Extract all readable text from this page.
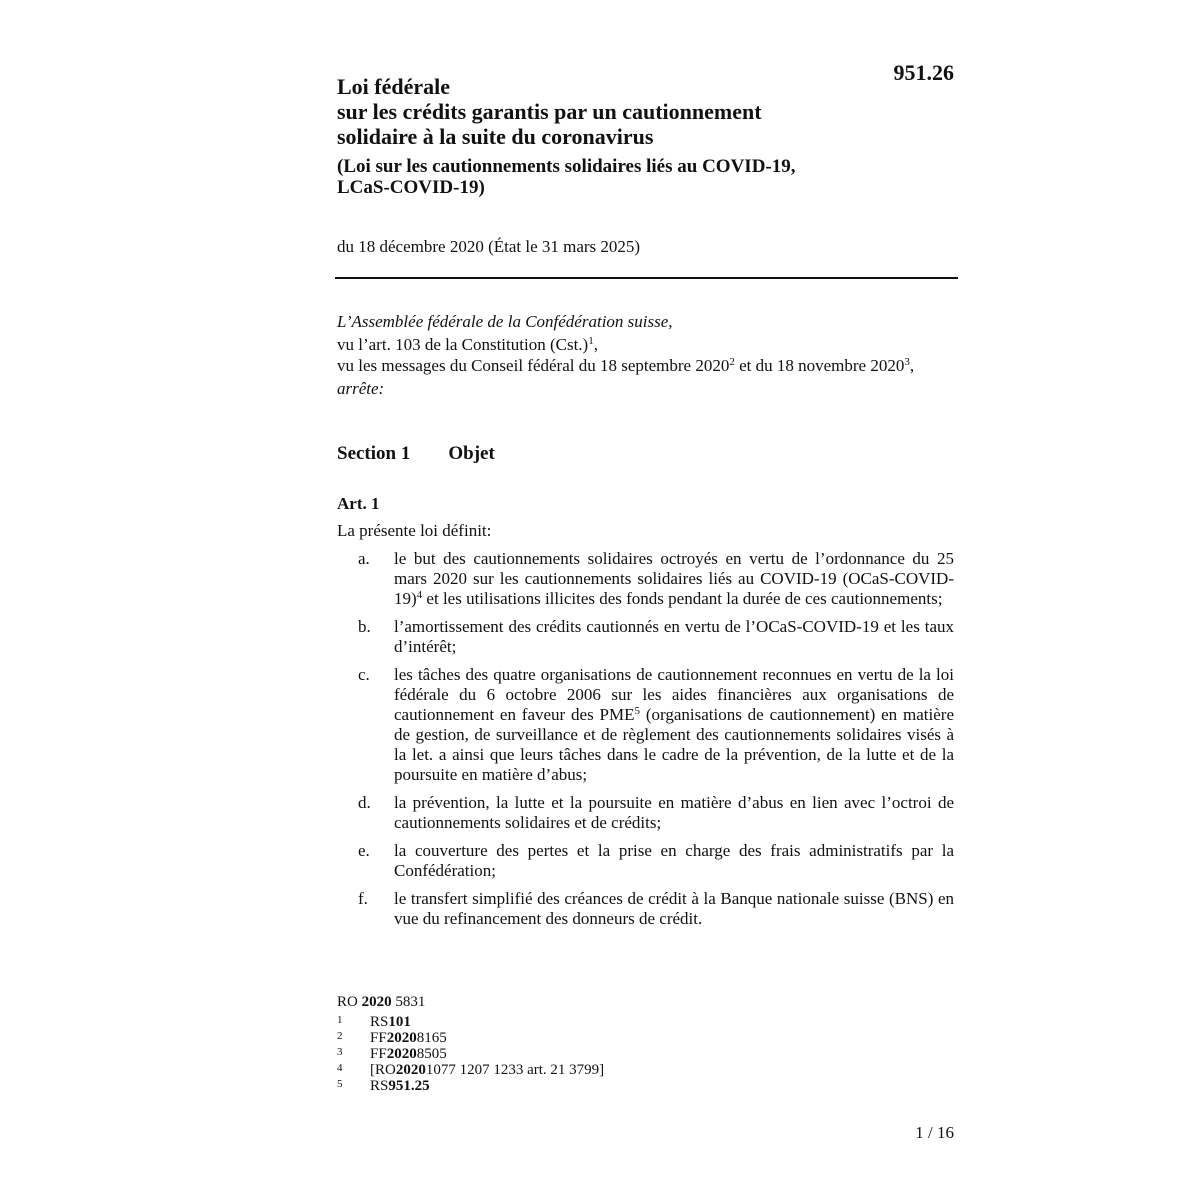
951.26
Loi fédérale
sur les crédits garantis par un cautionnement
solidaire à la suite du coronavirus
(Loi sur les cautionnements solidaires liés au COVID-19,
LCaS-COVID-19)
du 18 décembre 2020 (État le 31 mars 2025)
L’Assemblée fédérale de la Confédération suisse,
vu l’art. 103 de la Constitution $(Cst.)^1$,
vu les messages du Conseil fédéral du 18 septembre 2020$^2$ et du 18 novembre 2020$^3$,
arrête:
Section 1 Objet
Art. 1
La présente loi définit:
a.	le but des cautionnements solidaires octroyés en vertu de l’ordonnance du 25 mars 2020 sur les cautionnements solidaires liés au COVID-19 (OCaS-COVID-19)$^4$ et les utilisations illicites des fonds pendant la durée de ces cautionnements;
b.	l’amortissement des crédits cautionnés en vertu de l’OCaS-COVID-19 et les taux d’intérêt;
c.	les tâches des quatre organisations de cautionnement reconnues en vertu de la loi fédérale du 6 octobre 2006 sur les aides financières aux organisations de cautionnement en faveur des PME$^5$ (organisations de cautionnement) en matière de gestion, de surveillance et de règlement des cautionnements solidaires visés à la let. a ainsi que leurs tâches dans le cadre de la prévention, de la lutte et de la poursuite en matière d’abus;
d.	la prévention, la lutte et la poursuite en matière d’abus en lien avec l’octroi de cautionnements solidaires et de crédits;
e.	la couverture des pertes et la prise en charge des frais administratifs par la Confédération;
f.	le transfert simplifié des créances de crédit à la Banque nationale suisse (BNS) en vue du refinancement des donneurs de crédit.
RO 2020 5831
1	RS 101
2	FF 2020 8165
3	FF 2020 8505
4	[RO 2020 1077 1207 1233 art. 21 3799]
5	RS 951.25
1 / 16
